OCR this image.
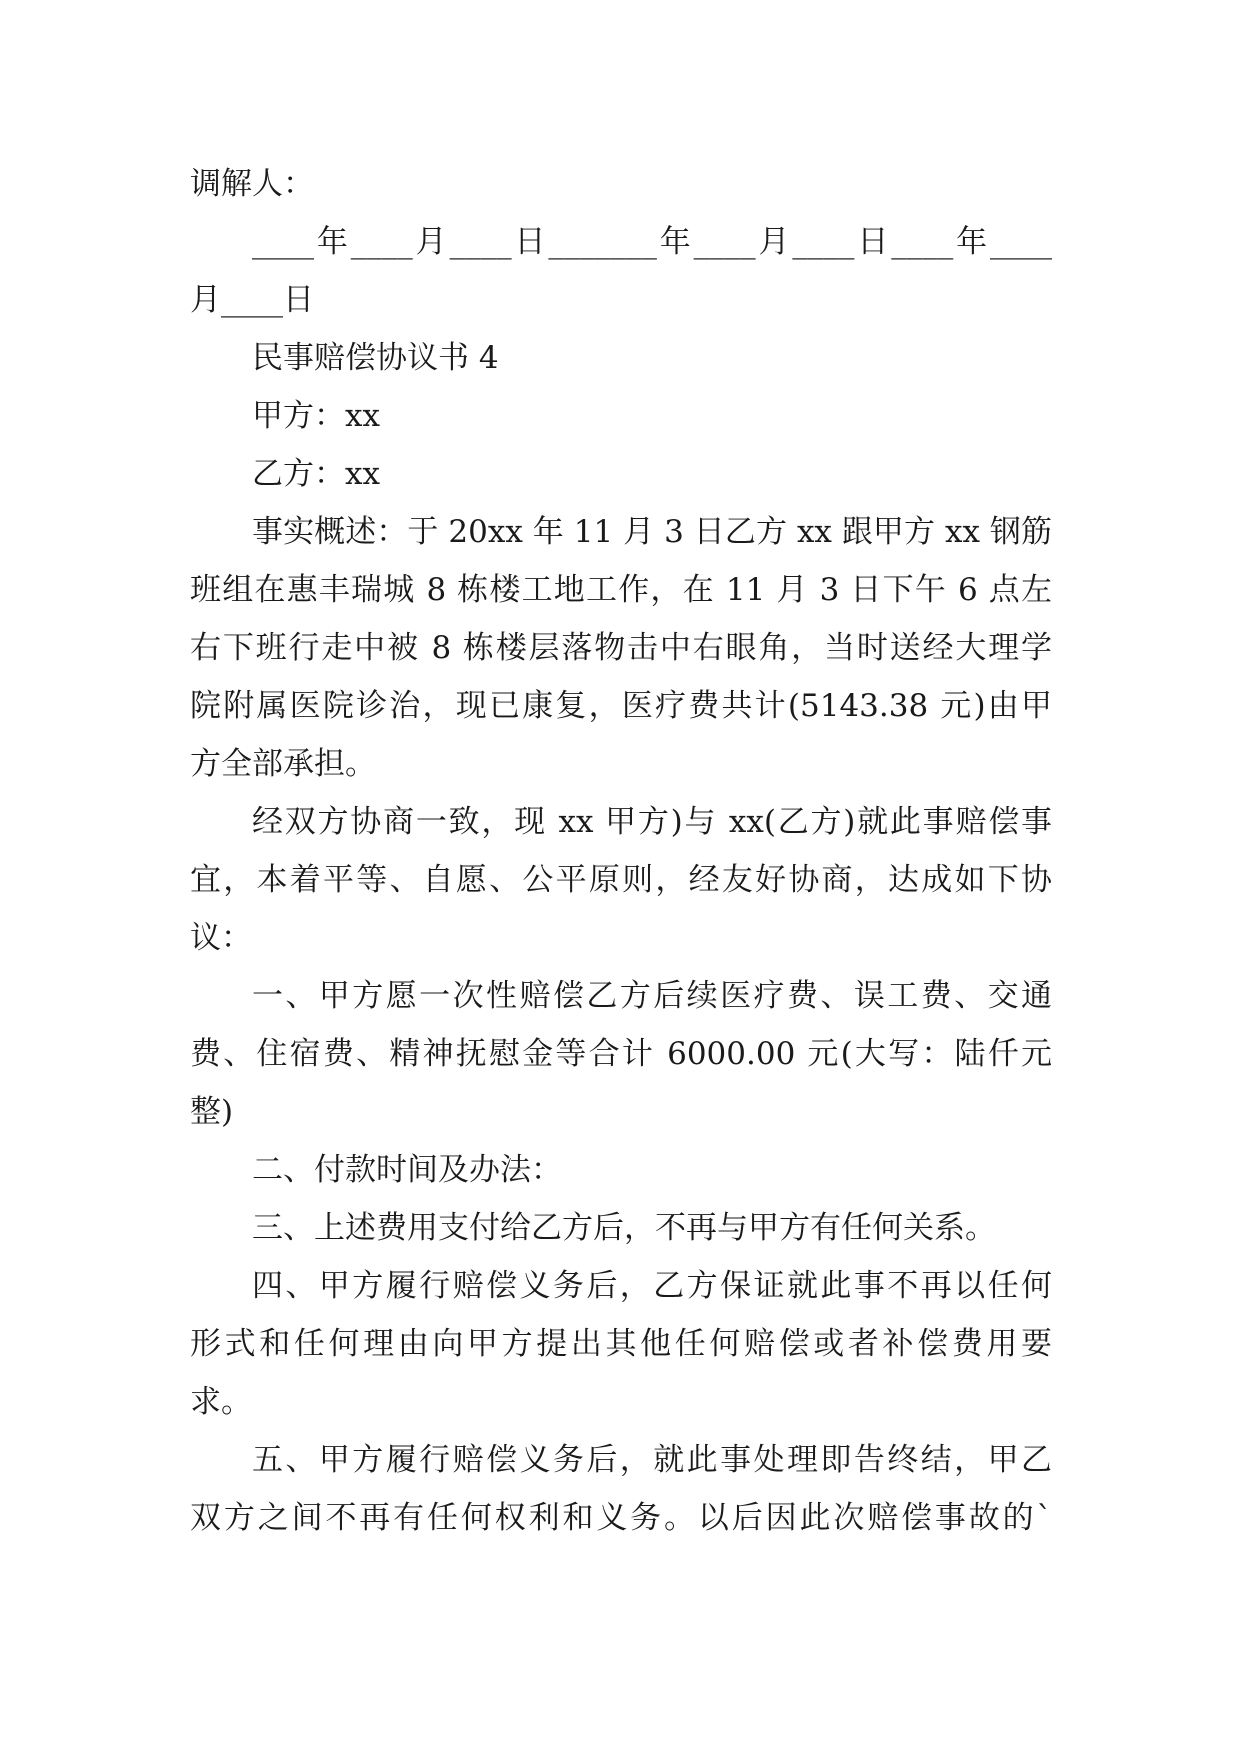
调解人：

____年____月____日_______年____月____日____年____

月____日

民事赔偿协议书 4

甲方：xx

乙方：xx

事实概述：于 20xx 年 11 月 3 日乙方 xx 跟甲方 xx 钢筋

班组在惠丰瑞城 8 栋楼工地工作，在 11 月 3 日下午 6 点左

右下班行走中被 8 栋楼层落物击中右眼角，当时送经大理学

院附属医院诊治，现已康复，医疗费共计(5143.38 元)由甲

方全部承担。

经双方协商一致，现 xx 甲方)与 xx(乙方)就此事赔偿事

宜，本着平等、自愿、公平原则，经友好协商，达成如下协

议：

一、甲方愿一次性赔偿乙方后续医疗费、误工费、交通

费、住宿费、精神抚慰金等合计 6000.00 元(大写：陆仟元

整)

二、付款时间及办法：

三、上述费用支付给乙方后，不再与甲方有任何关系。

四、甲方履行赔偿义务后，乙方保证就此事不再以任何

形式和任何理由向甲方提出其他任何赔偿或者补偿费用要

求。

五、甲方履行赔偿义务后，就此事处理即告终结，甲乙

双方之间不再有任何权利和义务。以后因此次赔偿事故的`
